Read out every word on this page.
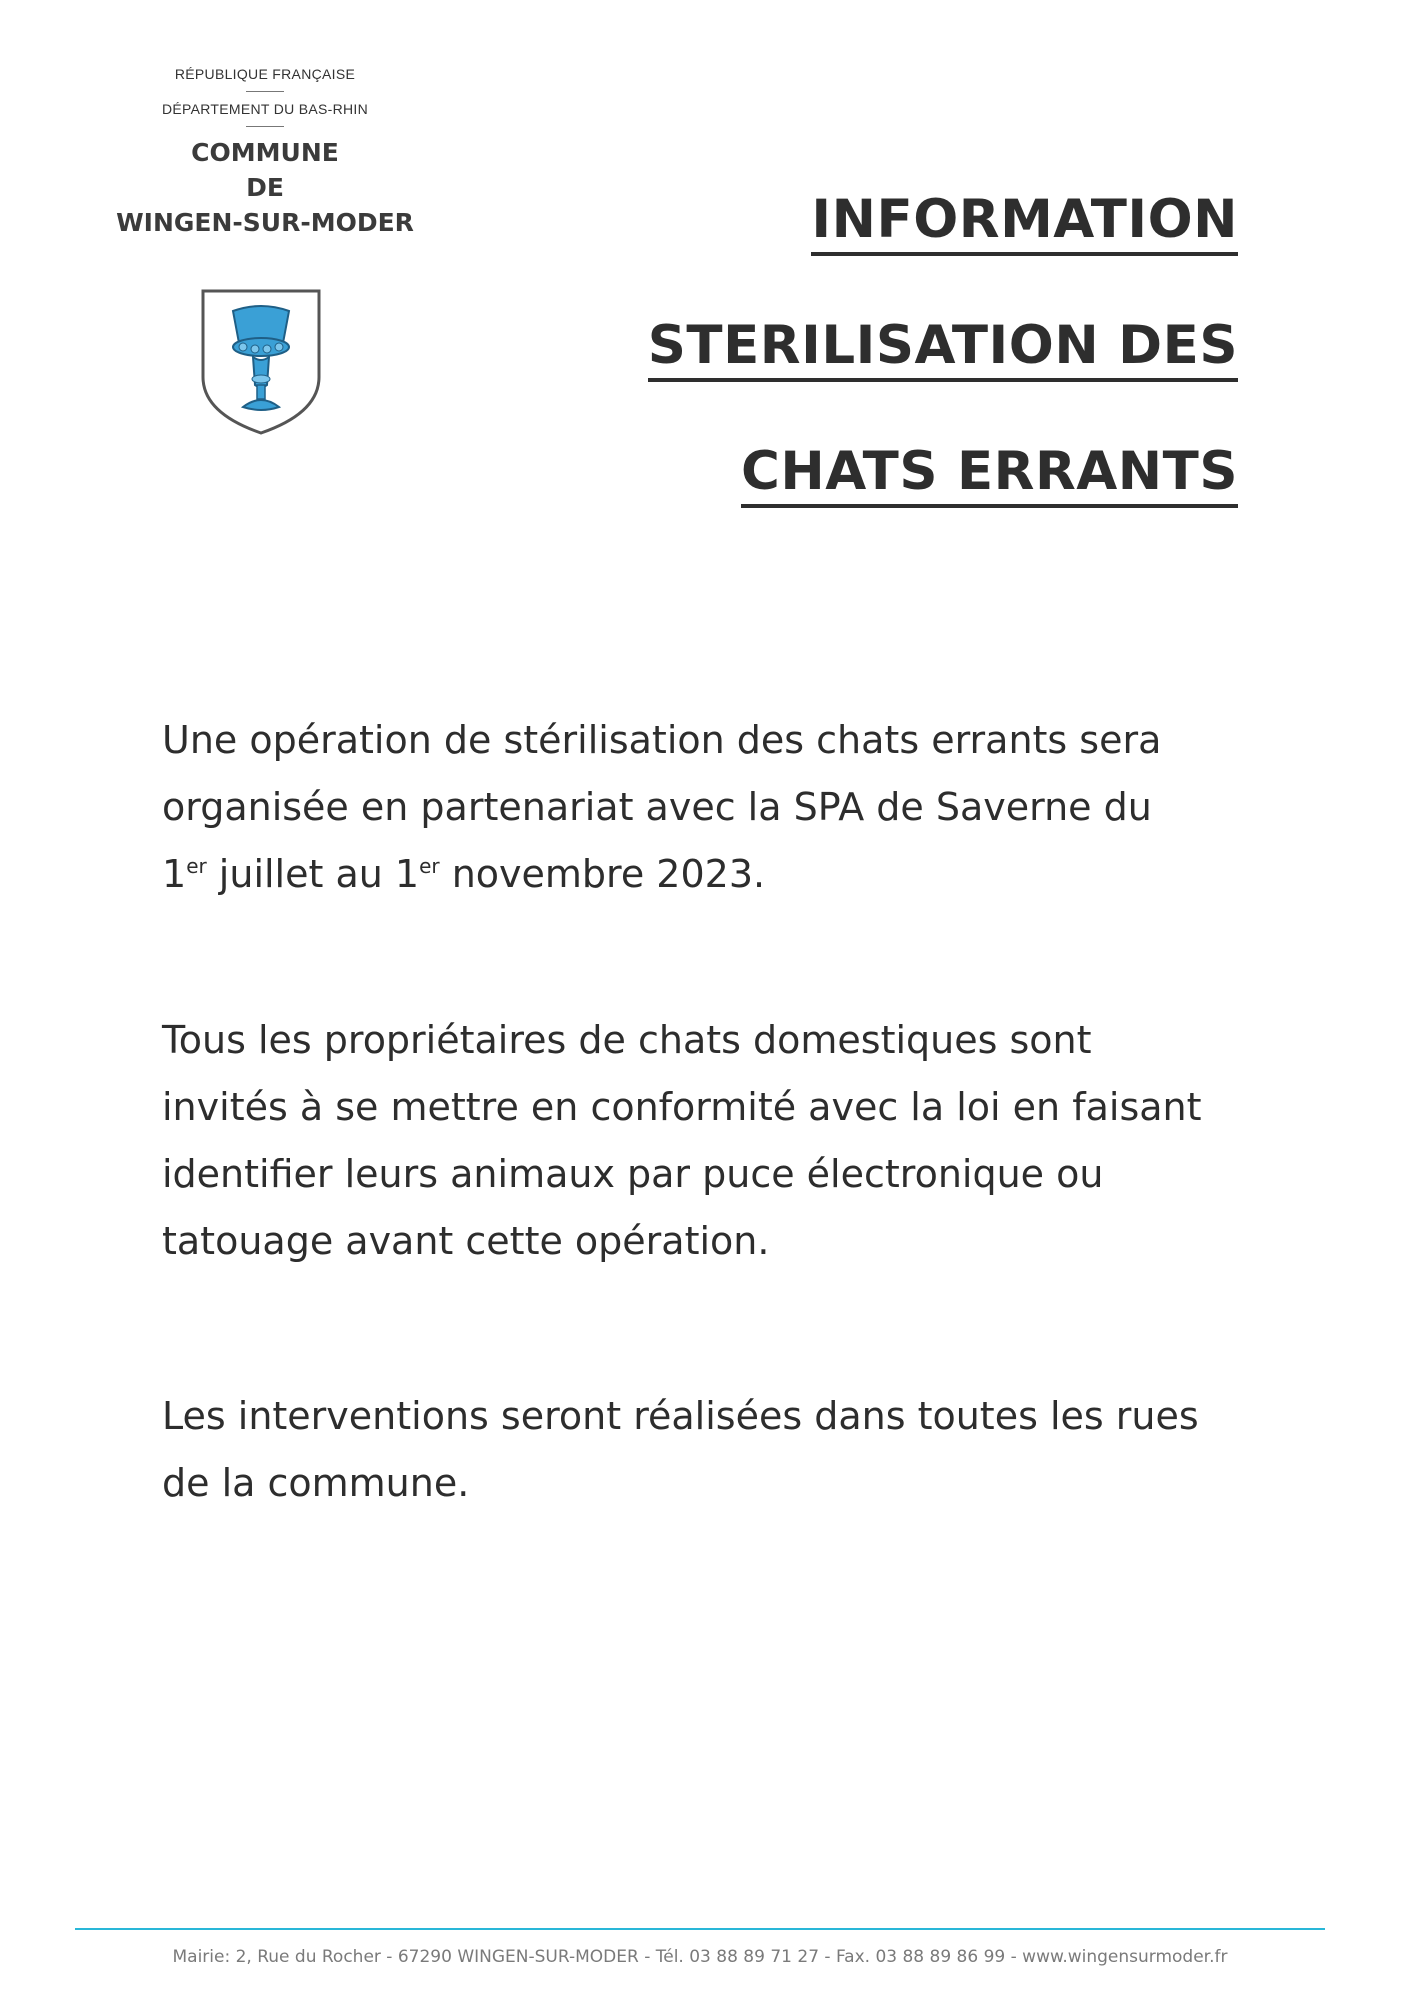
RÉPUBLIQUE FRANÇAISE
DÉPARTEMENT DU BAS-RHIN
COMMUNE
DE
WINGEN-SUR-MODER	INFORMATION
STERILISATION DES
CHATS ERRANTS
Une opération de stérilisation des chats errants sera
organisée en partenariat avec la SPA de Saverne du
1er juillet au 1er novembre 2023.
Tous les propriétaires de chats domestiques sont
invités à se mettre en conformité avec la loi en faisant
identifier leurs animaux par puce électronique ou
tatouage avant cette opération.
Les interventions seront réalisées dans toutes les rues
de la commune.
Mairie: 2, Rue du Rocher - 67290 WINGEN-SUR-MODER - Tél. 03 88 89 71 27 - Fax. 03 88 89 86 99 - www.wingensurmoder.fr
